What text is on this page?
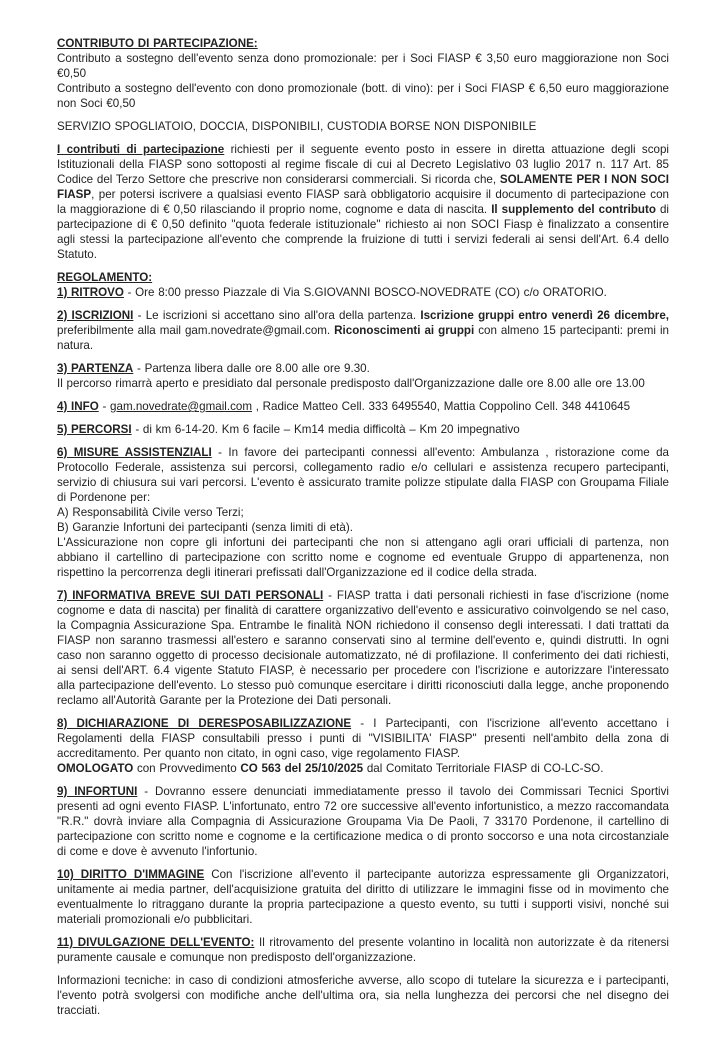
CONTRIBUTO DI PARTECIPAZIONE:
Contributo a sostegno dell'evento senza dono promozionale: per i Soci FIASP € 3,50 euro maggiorazione non Soci €0,50
Contributo a sostegno dell'evento con dono promozionale (bott. di vino): per i Soci FIASP € 6,50 euro maggiorazione non Soci €0,50
SERVIZIO SPOGLIATOIO, DOCCIA, DISPONIBILI, CUSTODIA BORSE NON DISPONIBILE
I contributi di partecipazione richiesti per il seguente evento posto in essere in diretta attuazione degli scopi Istituzionali della FIASP sono sottoposti al regime fiscale di cui al Decreto Legislativo 03 luglio 2017 n. 117 Art. 85 Codice del Terzo Settore che prescrive non considerarsi commerciali. Si ricorda che, SOLAMENTE PER I NON SOCI FIASP, per potersi iscrivere a qualsiasi evento FIASP sarà obbligatorio acquisire il documento di partecipazione con la maggiorazione di € 0,50 rilasciando il proprio nome, cognome e data di nascita. Il supplemento del contributo di partecipazione di € 0,50 definito "quota federale istituzionale" richiesto ai non SOCI Fiasp è finalizzato a consentire agli stessi la partecipazione all'evento che comprende la fruizione di tutti i servizi federali ai sensi dell'Art. 6.4 dello Statuto.
REGOLAMENTO:
1) RITROVO - Ore 8:00 presso Piazzale di Via S.GIOVANNI BOSCO-NOVEDRATE (CO) c/o ORATORIO.
2) ISCRIZIONI - Le iscrizioni si accettano sino all'ora della partenza. Iscrizione gruppi entro venerdì 26 dicembre, preferibilmente alla mail gam.novedrate@gmail.com. Riconoscimenti ai gruppi con almeno 15 partecipanti: premi in natura.
3) PARTENZA - Partenza libera dalle ore 8.00 alle ore 9.30.
Il percorso rimarrà aperto e presidiato dal personale predisposto dall'Organizzazione dalle ore 8.00 alle ore 13.00
4) INFO - gam.novedrate@gmail.com , Radice Matteo Cell. 333 6495540, Mattia Coppolino Cell. 348 4410645
5) PERCORSI - di km 6-14-20. Km 6 facile – Km14 media difficoltà – Km 20 impegnativo
6) MISURE ASSISTENZIALI - In favore dei partecipanti connessi all'evento: Ambulanza , ristorazione come da Protocollo Federale, assistenza sui percorsi, collegamento radio e/o cellulari e assistenza recupero partecipanti, servizio di chiusura sui vari percorsi. L'evento è assicurato tramite polizze stipulate dalla FIASP con Groupama Filiale di Pordenone per:
A) Responsabilità Civile verso Terzi;
B) Garanzie Infortuni dei partecipanti (senza limiti di età).
L'Assicurazione non copre gli infortuni dei partecipanti che non si attengano agli orari ufficiali di partenza, non abbiano il cartellino di partecipazione con scritto nome e cognome ed eventuale Gruppo di appartenenza, non rispettino la percorrenza degli itinerari prefissati dall'Organizzazione ed il codice della strada.
7) INFORMATIVA BREVE SUI DATI PERSONALI - FIASP tratta i dati personali richiesti in fase d'iscrizione (nome cognome e data di nascita) per finalità di carattere organizzativo dell'evento e assicurativo coinvolgendo se nel caso, la Compagnia Assicurazione Spa. Entrambe le finalità NON richiedono il consenso degli interessati. I dati trattati da FIASP non saranno trasmessi all'estero e saranno conservati sino al termine dell'evento e, quindi distrutti. In ogni caso non saranno oggetto di processo decisionale automatizzato, né di profilazione. Il conferimento dei dati richiesti, ai sensi dell'ART. 6.4 vigente Statuto FIASP, è necessario per procedere con l'iscrizione e autorizzare l'interessato alla partecipazione dell'evento. Lo stesso può comunque esercitare i diritti riconosciuti dalla legge, anche proponendo reclamo all'Autorità Garante per la Protezione dei Dati personali.
8) DICHIARAZIONE DI DERESPOSABILIZZAZIONE - I Partecipanti, con l'iscrizione all'evento accettano i Regolamenti della FIASP consultabili presso i punti di "VISIBILITA' FIASP" presenti nell'ambito della zona di accreditamento. Per quanto non citato, in ogni caso, vige regolamento FIASP.
OMOLOGATO con Provvedimento CO 563 del 25/10/2025 dal Comitato Territoriale FIASP di CO-LC-SO.
9) INFORTUNI - Dovranno essere denunciati immediatamente presso il tavolo dei Commissari Tecnici Sportivi presenti ad ogni evento FIASP. L'infortunato, entro 72 ore successive all'evento infortunistico, a mezzo raccomandata "R.R." dovrà inviare alla Compagnia di Assicurazione Groupama Via De Paoli, 7 33170 Pordenone, il cartellino di partecipazione con scritto nome e cognome e la certificazione medica o di pronto soccorso e una nota circostanziale di come e dove è avvenuto l'infortunio.
10) DIRITTO D'IMMAGINE Con l'iscrizione all'evento il partecipante autorizza espressamente gli Organizzatori, unitamente ai media partner, dell'acquisizione gratuita del diritto di utilizzare le immagini fisse od in movimento che eventualmente lo ritraggano durante la propria partecipazione a questo evento, su tutti i supporti visivi, nonché sui materiali promozionali e/o pubblicitari.
11) DIVULGAZIONE DELL'EVENTO: Il ritrovamento del presente volantino in località non autorizzate è da ritenersi puramente causale e comunque non predisposto dell'organizzazione.
Informazioni tecniche: in caso di condizioni atmosferiche avverse, allo scopo di tutelare la sicurezza e i partecipanti, l'evento potrà svolgersi con modifiche anche dell'ultima ora, sia nella lunghezza dei percorsi che nel disegno dei tracciati.
